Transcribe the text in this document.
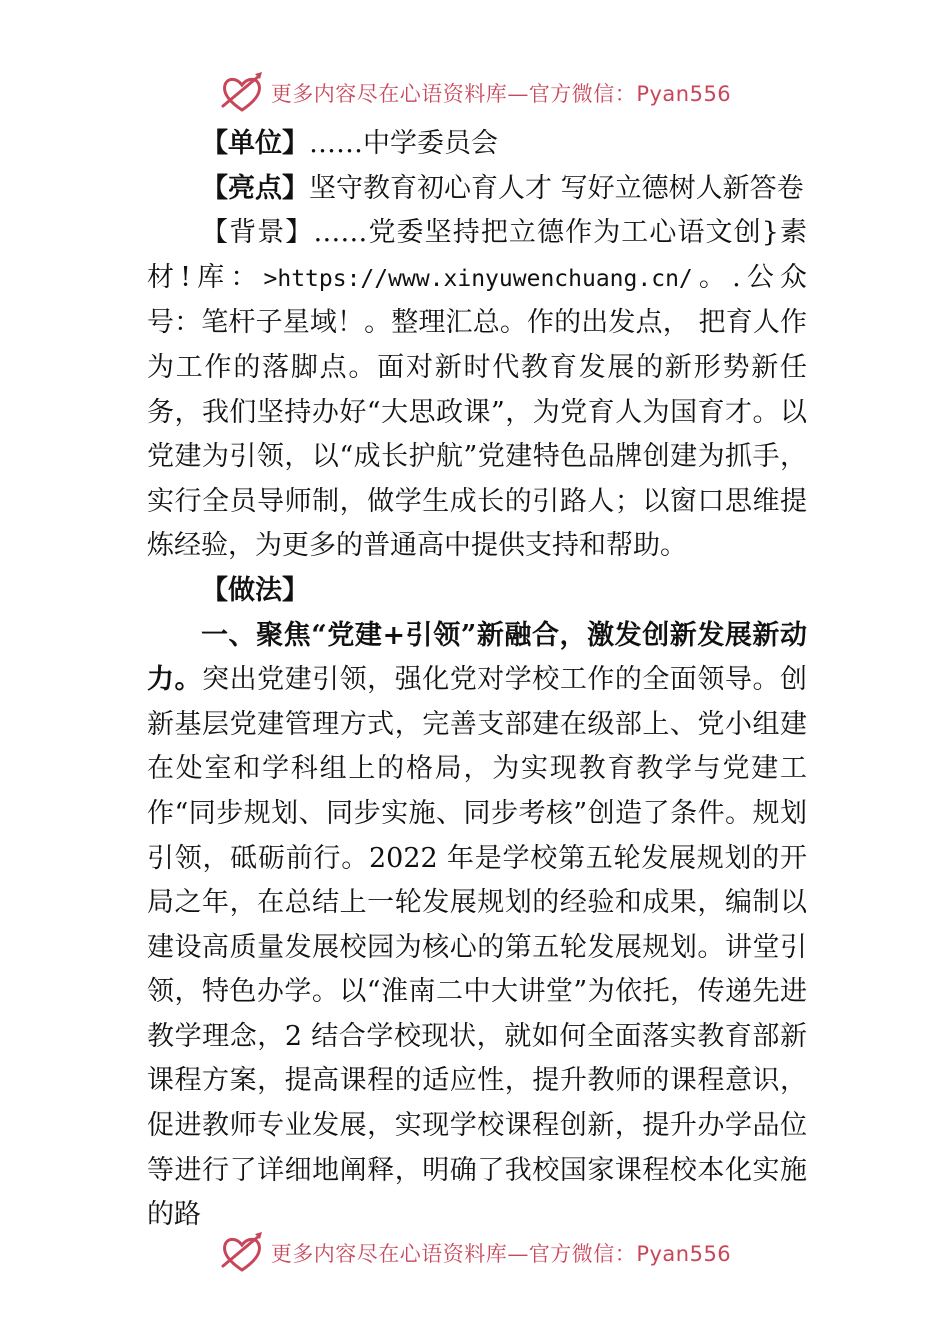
更多内容尽在心语资料库—官方微信：Pyan556

【单位】……中学委员会

【亮点】坚守教育初心育人才 写好立德树人新答卷

【背景】……党委坚持把立德作为工心语文创}素材!库：>https://www.xinyuwenchuang.cn/。.公众号：笔杆子星域！。整理汇总。作的出发点， 把育人作为工作的落脚点。面对新时代教育发展的新形势新任务，我们坚持办好“大思政课”，为党育人为国育才。以党建为引领，以“成长护航”党建特色品牌创建为抓手，实行全员导师制，做学生成长的引路人；以窗口思维提炼经验，为更多的普通高中提供支持和帮助。

【做法】

一、聚焦“党建+引领”新融合，激发创新发展新动力。突出党建引领，强化党对学校工作的全面领导。创新基层党建管理方式，完善支部建在级部上、党小组建在处室和学科组上的格局，为实现教育教学与党建工作“同步规划、同步实施、同步考核”创造了条件。规划引领，砥砺前行。2022 年是学校第五轮发展规划的开局之年，在总结上一轮发展规划的经验和成果，编制以建设高质量发展校园为核心的第五轮发展规划。讲堂引领，特色办学。以“淮南二中大讲堂”为依托，传递先进教学理念，2 结合学校现状，就如何全面落实教育部新课程方案，提高课程的适应性，提升教师的课程意识，促进教师专业发展，实现学校课程创新，提升办学品位等进行了详细地阐释，明确了我校国家课程校本化实施的路

更多内容尽在心语资料库—官方微信：Pyan556
